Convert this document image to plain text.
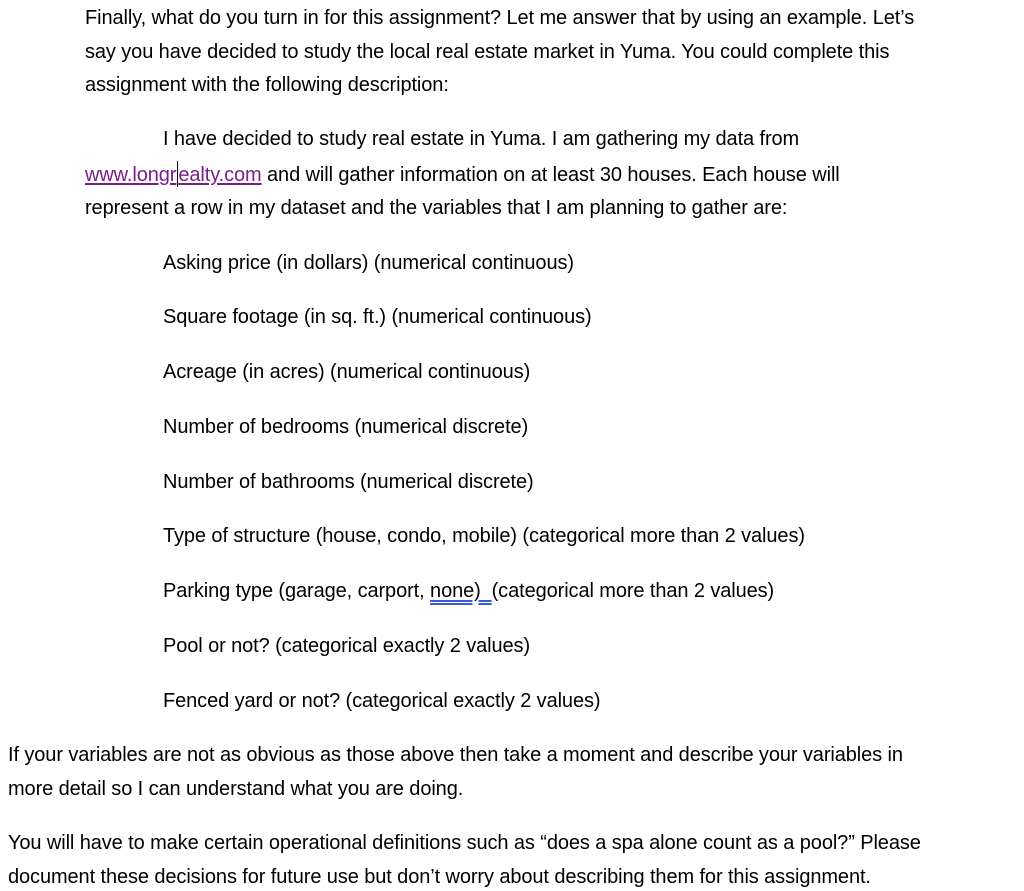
Finally, what do you turn in for this assignment? Let me answer that by using an example. Let’s
say you have decided to study the local real estate market in Yuma. You could complete this
assignment with the following description:
I have decided to study real estate in Yuma. I am gathering my data from
www.longr ealty.com and will gather information on at least 30 houses. Each house will
represent a row in my dataset and the variables that I am planning to gather are:
Asking price (in dollars) (numerical continuous)
Square footage (in sq. ft.) (numerical continuous)
Acreage (in acres) (numerical continuous)
Number of bedrooms (numerical discrete)
Number of bathrooms (numerical discrete)
Type of structure (house, condo, mobile) (categorical more than 2 values)
Parking type (garage, carport, none)  (categorical more than 2 values)
Pool or not? (categorical exactly 2 values)
Fenced yard or not? (categorical exactly 2 values)
If your variables are not as obvious as those above then take a moment and describe your variables in
more detail so I can understand what you are doing.
You will have to make certain operational definitions such as “does a spa alone count as a pool?” Please
document these decisions for future use but don’t worry about describing them for this assignment.
